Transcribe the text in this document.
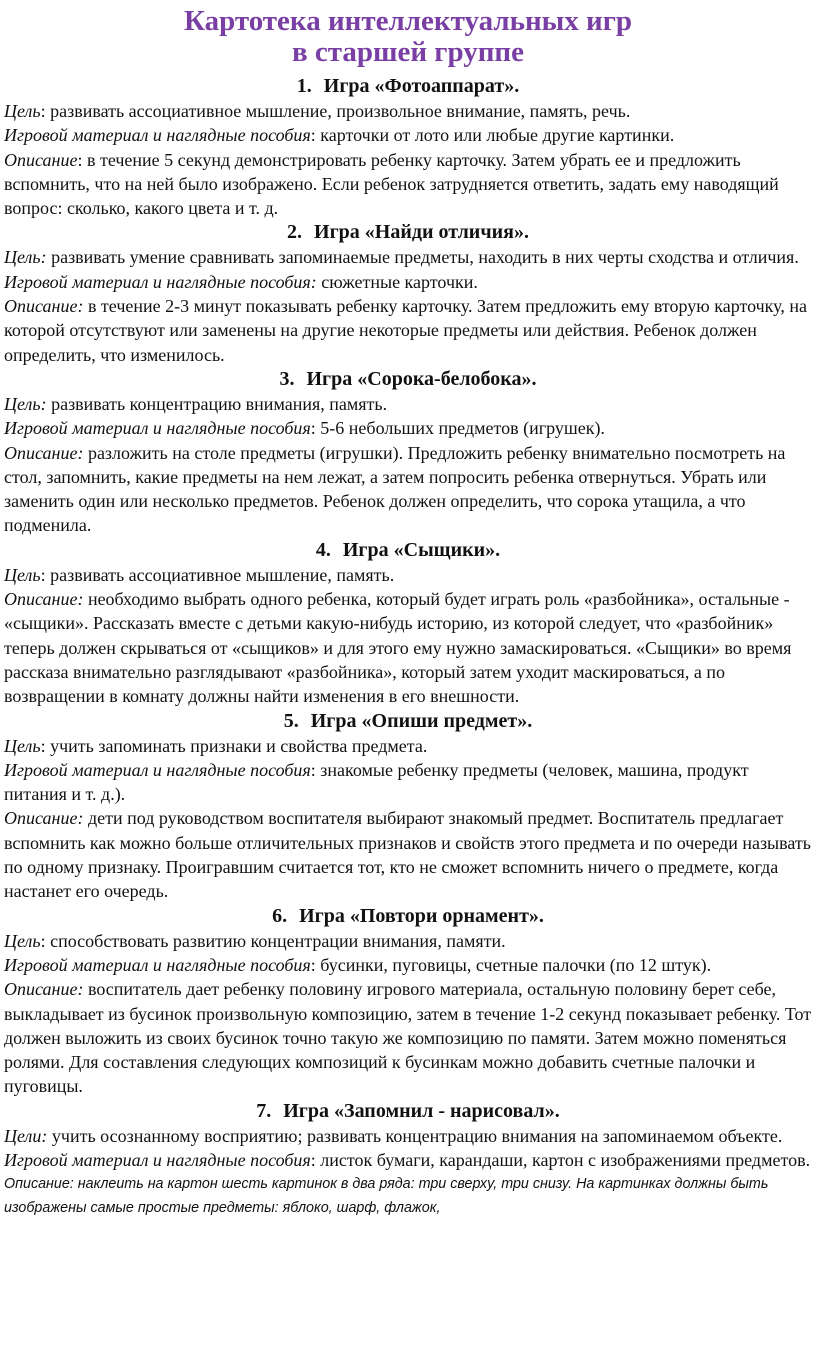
Картотека интеллектуальных игр
в старшей группе
1. Игра «Фотоаппарат».

Цель: развивать ассоциативное мышление, произвольное внимание, память, речь.

Игровой материал и наглядные пособия: карточки от лото или любые другие картинки.

Описание: в течение 5 секунд демонстрировать ребенку карточку. Затем убрать ее и предложить вспомнить, что на ней было изображено. Если ребенок затрудняется ответить, задать ему наводящий вопрос: сколько, какого цвета и т. д.

2. Игра «Найди отличия».

Цель: развивать умение сравнивать запоминаемые предметы, находить в них черты сходства и отличия.

Игровой материал и наглядные пособия: сюжетные карточки.

Описание: в течение 2-3 минут показывать ребенку карточку. Затем предложить ему вторую карточку, на которой отсутствуют или заменены на другие некоторые предметы или действия. Ребенок должен определить, что изменилось.

3. Игра «Сорока-белобока».

Цель: развивать концентрацию внимания, память.

Игровой материал и наглядные пособия: 5-6 небольших предметов (игрушек).

Описание: разложить на столе предметы (игрушки). Предложить ребенку внимательно посмотреть на стол, запомнить, какие предметы на нем лежат, а затем попросить ребенка отвернуться. Убрать или заменить один или несколько предметов. Ребенок должен определить, что сорока утащила, а что подменила.

4. Игра «Сыщики».

Цель: развивать ассоциативное мышление, память.

Описание: необходимо выбрать одного ребенка, который будет играть роль «разбойника», остальные - «сыщики». Рассказать вместе с детьми какую-нибудь историю, из которой следует, что «разбойник» теперь должен скрываться от «сыщиков» и для этого ему нужно замаскироваться. «Сыщики» во время рассказа внимательно разглядывают «разбойника», который затем уходит маскироваться, а по возвращении в комнату должны найти изменения в его внешности.

5. Игра «Опиши предмет».

Цель: учить запоминать признаки и свойства предмета.

Игровой материал и наглядные пособия: знакомые ребенку предметы (человек, машина, продукт питания и т. д.).

Описание: дети под руководством воспитателя выбирают знакомый предмет. Воспитатель предлагает вспомнить как можно больше отличительных признаков и свойств этого предмета и по очереди называть по одному признаку. Проигравшим считается тот, кто не сможет вспомнить ничего о предмете, когда настанет его очередь.

6. Игра «Повтори орнамент».

Цель: способствовать развитию концентрации внимания, памяти.

Игровой материал и наглядные пособия: бусинки, пуговицы, счетные палочки (по 12 штук).

Описание: воспитатель дает ребенку половину игрового материала, остальную половину берет себе, выкладывает из бусинок произвольную композицию, затем в течение 1-2 секунд показывает ребенку. Тот должен выложить из своих бусинок точно такую же композицию по памяти. Затем можно поменяться ролями. Для составления следующих композиций к бусинкам можно добавить счетные палочки и пуговицы.

7. Игра «Запомнил - нарисовал».

Цели: учить осознанному восприятию; развивать концентрацию внимания на запоминаемом объекте.

Игровой материал и наглядные пособия: листок бумаги, карандаши, картон с изображениями предметов.

Описание: наклеить на картон шесть картинок в два ряда: три сверху, три снизу. На картинках должны быть изображены самые простые предметы: яблоко, шарф, флажок,
